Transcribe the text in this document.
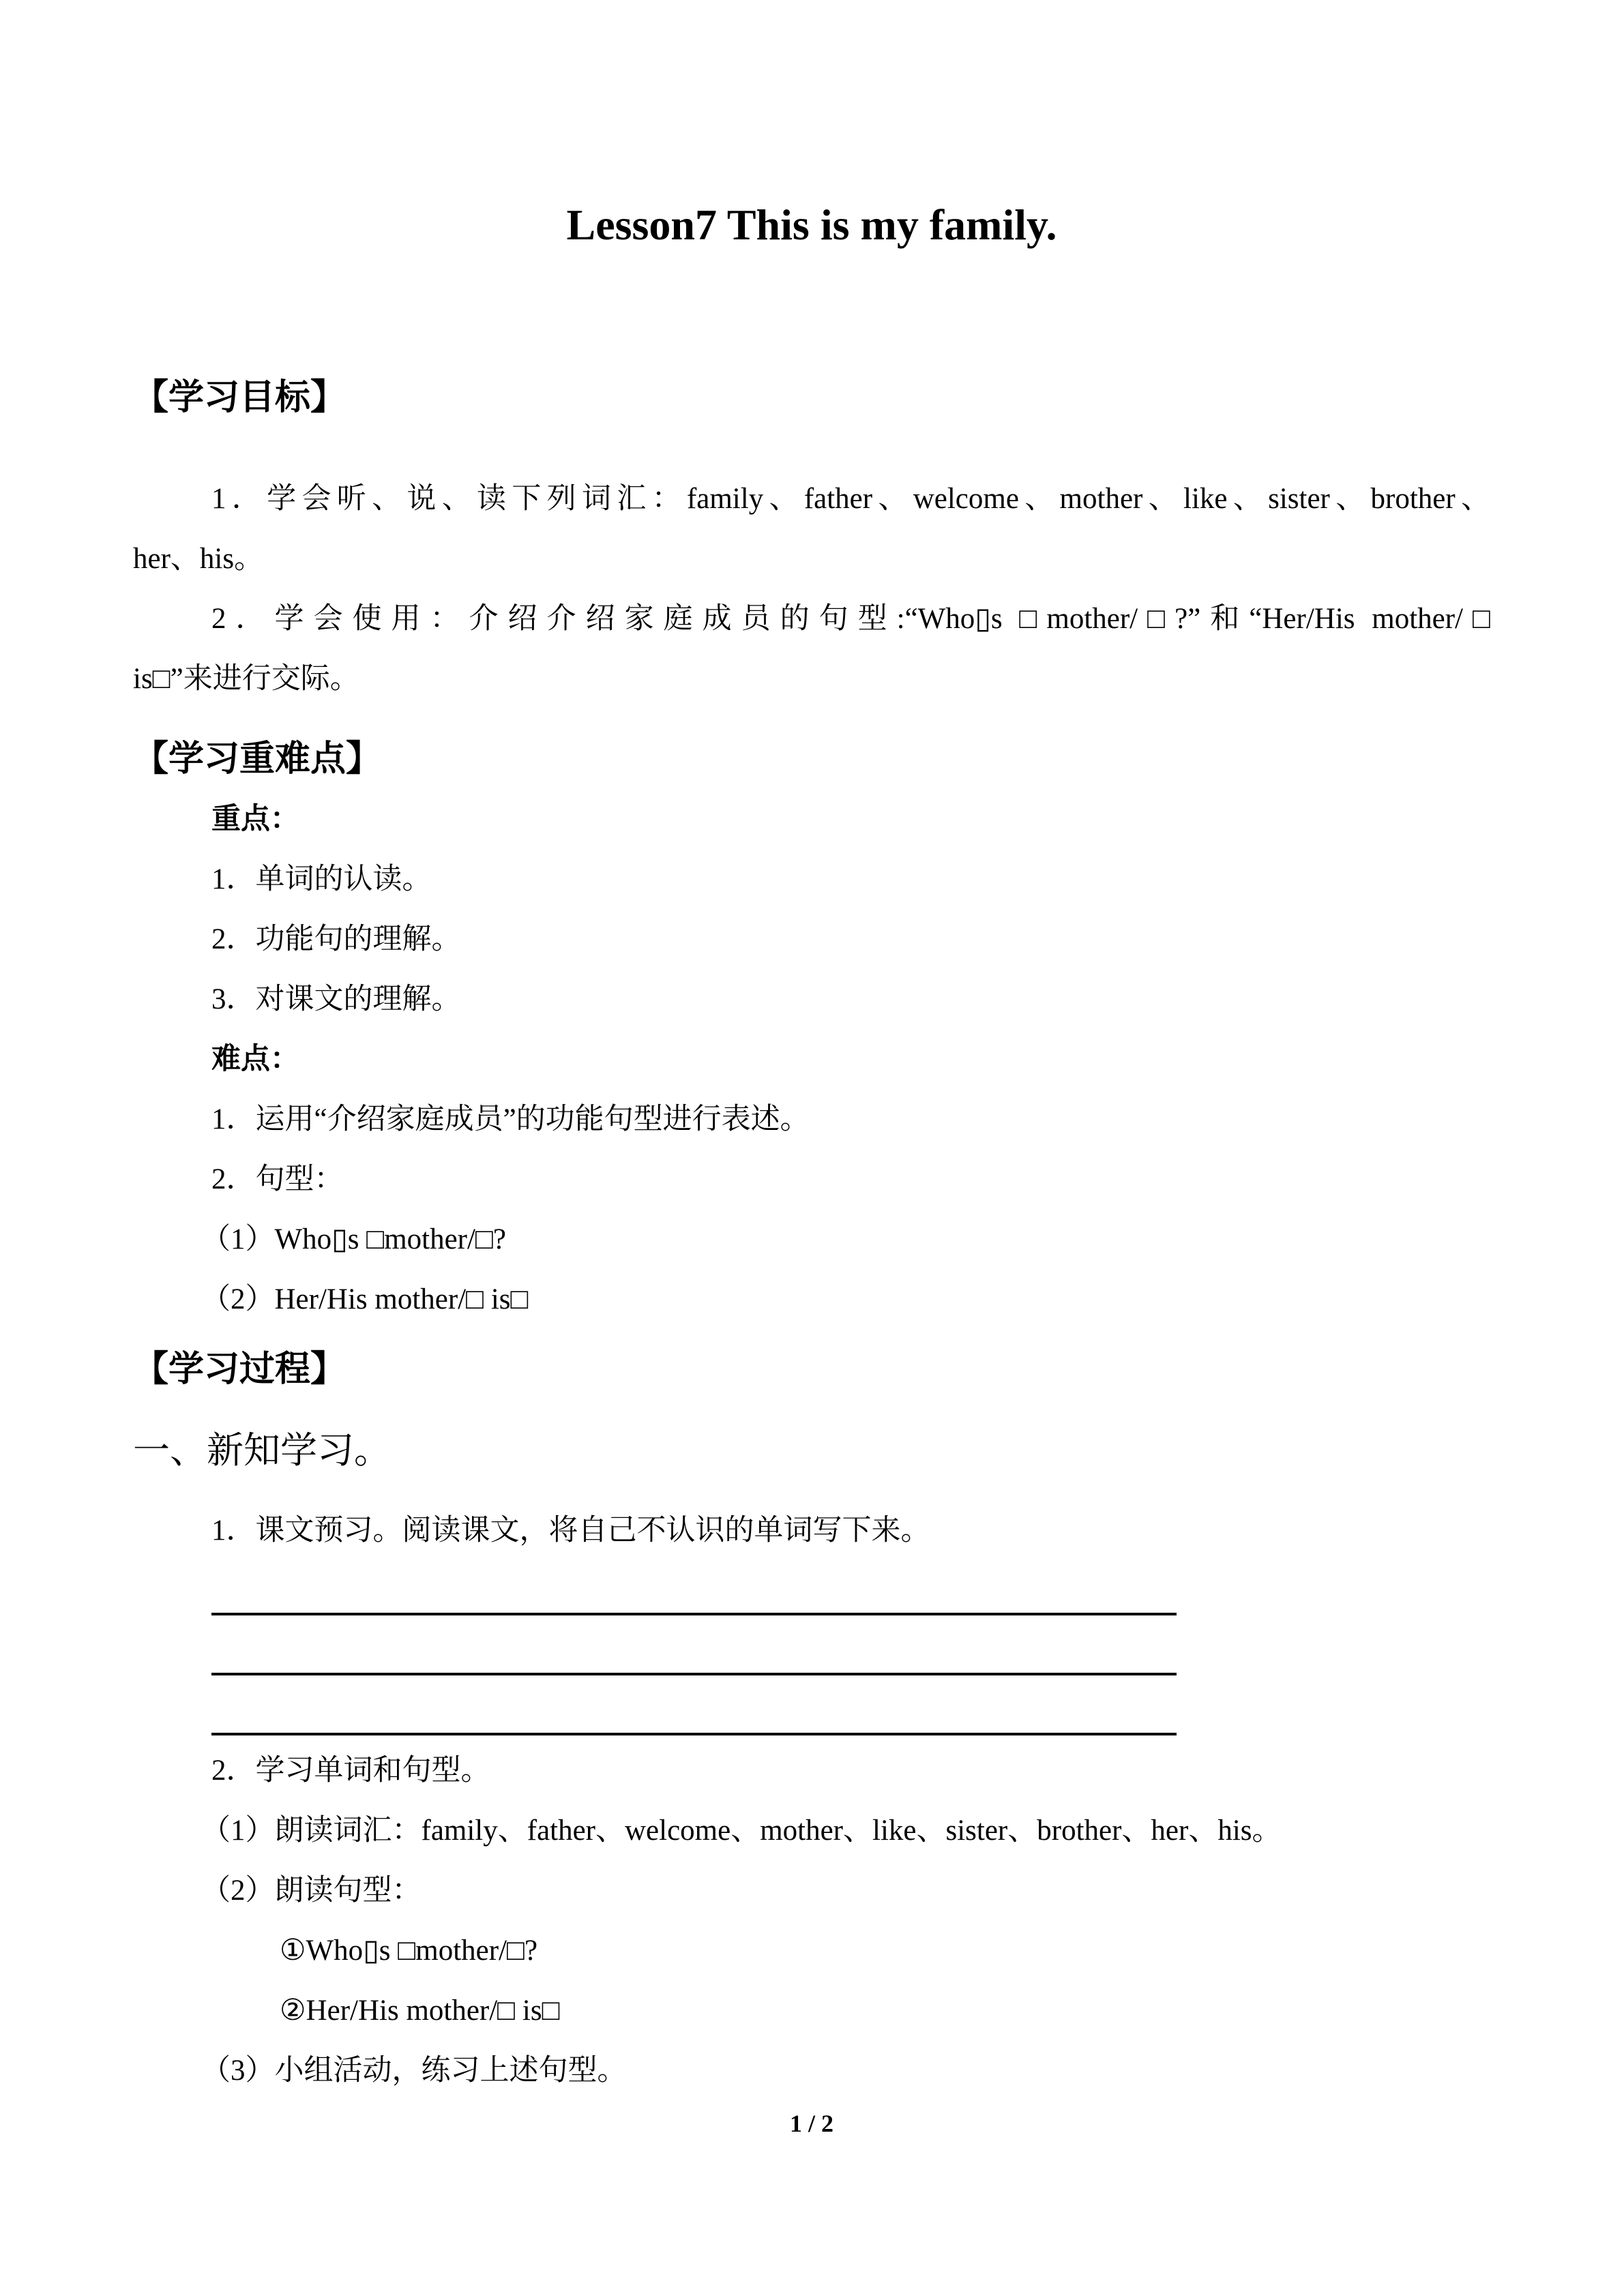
Lesson7 This is my family.
【学习目标】
1．学会听、说、读下列词汇：family、father、welcome、mother、like、sister、brother、
her、his。
2．学会使用：介绍介绍家庭成员的句型:“Who▯s □mother/□?”和“Her/His mother/□
is□”来进行交际。
【学习重难点】
重点：
1．单词的认读。
2．功能句的理解。
3．对课文的理解。
难点：
1．运用“介绍家庭成员”的功能句型进行表述。
2．句型：
（1）Who▯s □mother/□?
（2）Her/His mother/□ is□
【学习过程】
一、新知学习。
1．课文预习。阅读课文，将自己不认识的单词写下来。
2．学习单词和句型。
（1）朗读词汇：family、father、welcome、mother、like、sister、brother、her、his。
（2）朗读句型：
①Who▯s □mother/□?
②Her/His mother/□ is□
（3）小组活动，练习上述句型。
1 / 2
